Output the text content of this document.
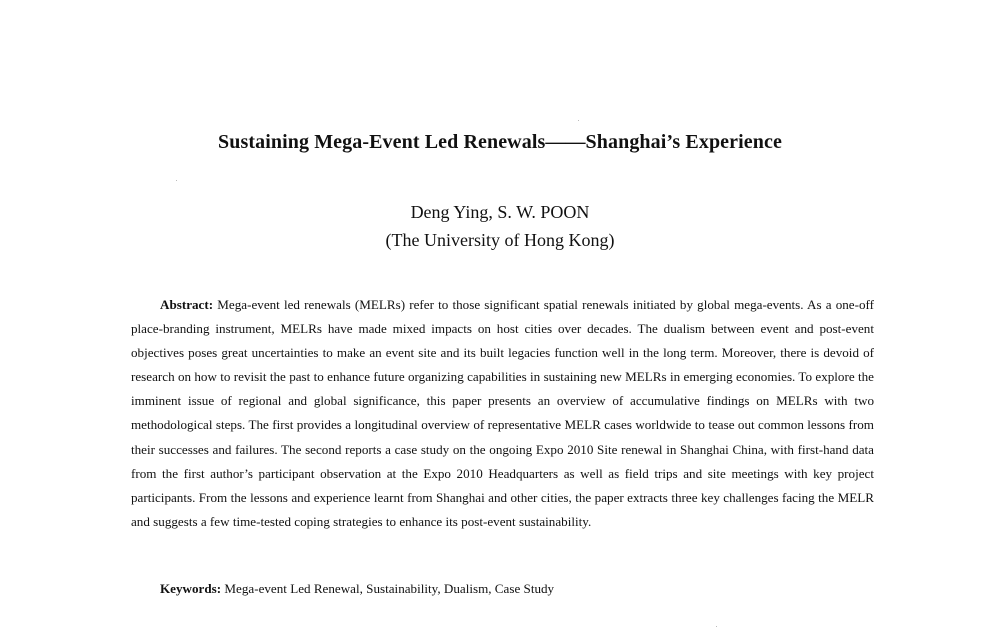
Sustaining Mega-Event Led Renewals——Shanghai’s Experience

Deng Ying, S. W. POON

(The University of Hong Kong)

Abstract: Mega-event led renewals (MELRs) refer to those significant spatial renewals initiated by global mega-events. As a one-off place-branding instrument, MELRs have made mixed impacts on host cities over decades. The dualism between event and post-event objectives poses great uncertainties to make an event site and its built legacies function well in the long term. Moreover, there is devoid of research on how to revisit the past to enhance future organizing capabilities in sustaining new MELRs in emerging economies. To explore the imminent issue of regional and global significance, this paper presents an overview of accumulative findings on MELRs with two methodological steps. The first provides a longitudinal overview of representative MELR cases worldwide to tease out common lessons from their successes and failures. The second reports a case study on the ongoing Expo 2010 Site renewal in Shanghai China, with first-hand data from the first author’s participant observation at the Expo 2010 Headquarters as well as field trips and site meetings with key project participants. From the lessons and experience learnt from Shanghai and other cities, the paper extracts three key challenges facing the MELR and suggests a few time-tested coping strategies to enhance its post-event sustainability.

Keywords: Mega-event Led Renewal, Sustainability, Dualism, Case Study
